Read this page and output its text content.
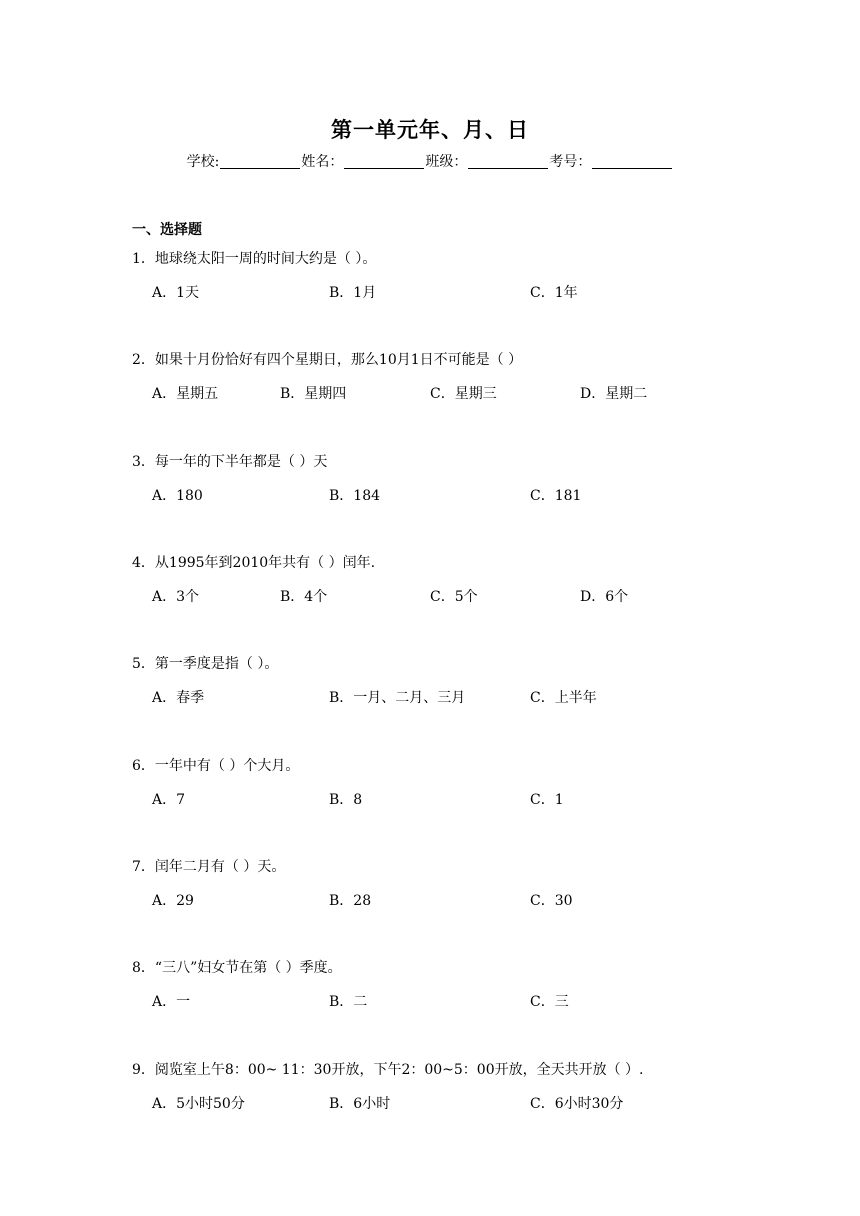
第一单元年、月、日
学校:	姓名：	班级：	考号：
一、选择题
1．地球绕太阳一周的时间大约是（ ）。
A．1天	B．1月	C．1年
2．如果十月份恰好有四个星期日，那么10月1日不可能是（ ）
A．星期五	B．星期四	C．星期三	D．星期二
3．每一年的下半年都是（ ）天
A．180	B．184	C．181
4．从1995年到2010年共有（ ）闰年.
A．3个	B．4个	C．5个	D．6个
5．第一季度是指（ ）。
A．春季	B．一月、二月、三月	C．上半年
6．一年中有（ ）个大月。
A．7	B．8	C．1
7．闰年二月有（ ）天。
A．29	B．28	C．30
8．“三八”妇女节在第（ ）季度。
A．一	B．二	C．三
9．阅览室上午8：00~ 11：30开放，下午2：00~5：00开放，全天共开放（ ）.
A．5小时50分	B．6小时	C．6小时30分
